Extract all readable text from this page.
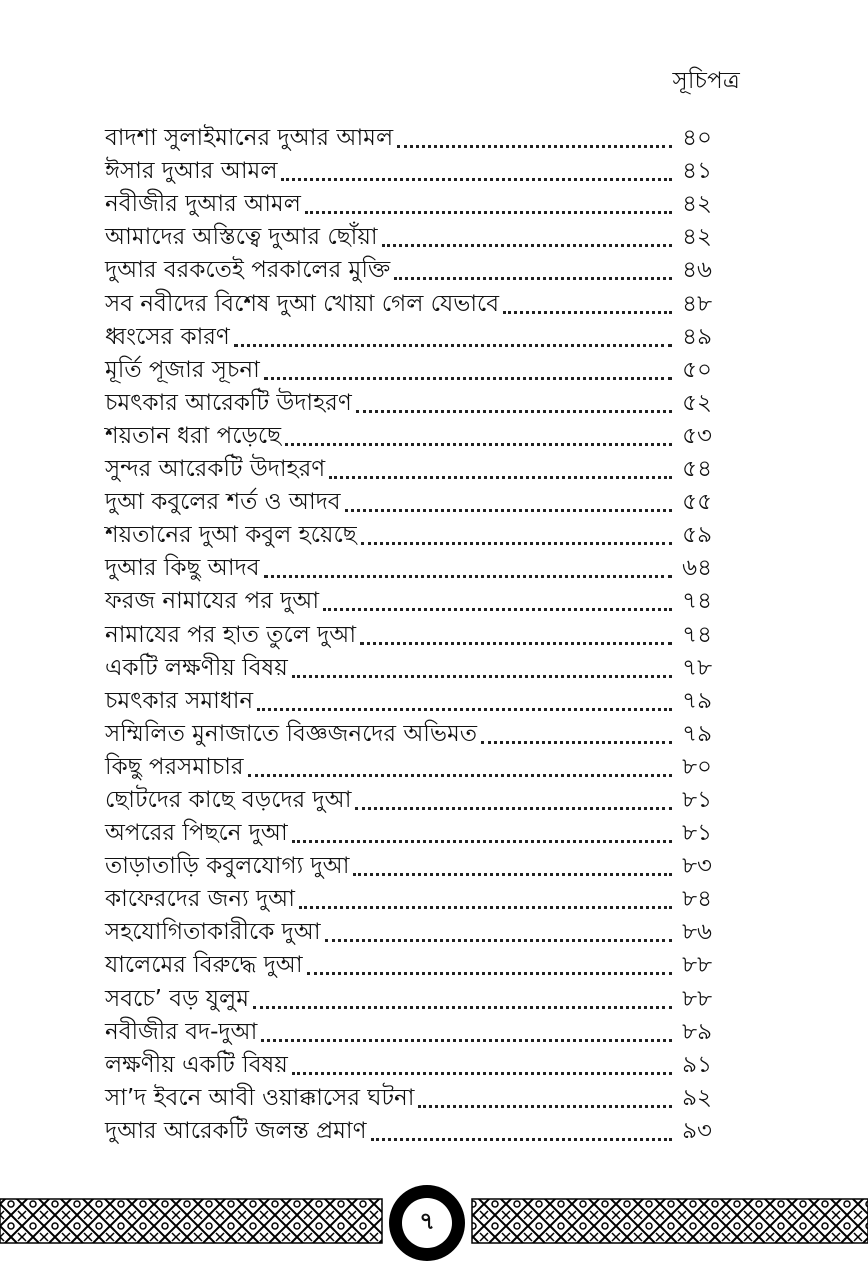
সূচিপত্র
বাদশা সুলাইমানের দুআর আমল	৪০
ঈসার দুআর আমল	৪১
নবীজীর দুআর আমল	৪২
আমাদের অস্তিত্বে দুআর ছোঁয়া	৪২
দুআর বরকতেই পরকালের মুক্তি	৪৬
সব নবীদের বিশেষ দুআ খোয়া গেল যেভাবে	৪৮
ধ্বংসের কারণ	৪৯
মূর্তি পূজার সূচনা	৫০
চমৎকার আরেকটি উদাহরণ	৫২
শয়তান ধরা পড়েছে	৫৩
সুন্দর আরেকটি উদাহরণ	৫৪
দুআ কবুলের শর্ত ও আদব	৫৫
শয়তানের দুআ কবুল হয়েছে	৫৯
দুআর কিছু আদব	৬৪
ফরজ নামাযের পর দুআ	৭৪
নামাযের পর হাত তুলে দুআ	৭৪
একটি লক্ষণীয় বিষয়	৭৮
চমৎকার সমাধান	৭৯
সম্মিলিত মুনাজাতে বিজ্ঞজনদের অভিমত	৭৯
কিছু পরসমাচার	৮০
ছোটদের কাছে বড়দের দুআ	৮১
অপরের পিছনে দুআ	৮১
তাড়াতাড়ি কবুলযোগ্য দুআ	৮৩
কাফেরদের জন্য দুআ	৮৪
সহযোগিতাকারীকে দুআ	৮৬
যালেমের বিরুদ্ধে দুআ	৮৮
সবচে’ বড় যুলুম	৮৮
নবীজীর বদ-দুআ	৮৯
লক্ষণীয় একটি বিষয়	৯১
সা’দ ইবনে আবী ওয়াক্কাসের ঘটনা	৯২
দুআর আরেকটি জলন্ত প্রমাণ	৯৩
৭
